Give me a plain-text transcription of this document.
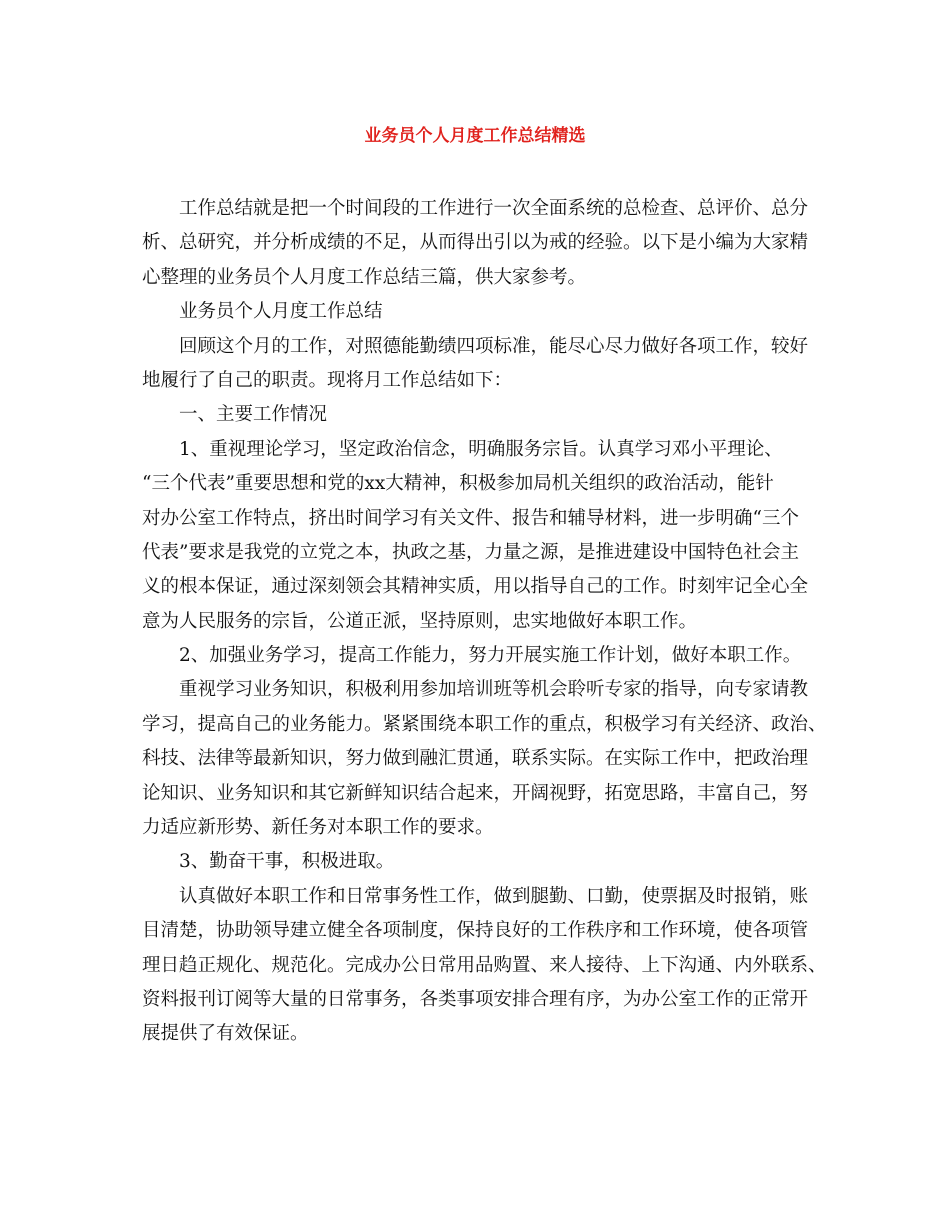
业务员个人月度工作总结精选
工作总结就是把一个时间段的工作进行一次全面系统的总检查、总评价、总分
析、总研究，并分析成绩的不足，从而得出引以为戒的经验。以下是小编为大家精
心整理的业务员个人月度工作总结三篇，供大家参考。
业务员个人月度工作总结
回顾这个月的工作，对照德能勤绩四项标准，能尽心尽力做好各项工作，较好
地履行了自己的职责。现将月工作总结如下：
一、主要工作情况
1、重视理论学习，坚定政治信念，明确服务宗旨。认真学习邓小平理论、
“三个代表”重要思想和党的xx大精神，积极参加局机关组织的政治活动，能针
对办公室工作特点，挤出时间学习有关文件、报告和辅导材料，进一步明确“三个
代表”要求是我党的立党之本，执政之基，力量之源，是推进建设中国特色社会主
义的根本保证，通过深刻领会其精神实质，用以指导自己的工作。时刻牢记全心全
意为人民服务的宗旨，公道正派，坚持原则，忠实地做好本职工作。
2、加强业务学习，提高工作能力，努力开展实施工作计划，做好本职工作。
重视学习业务知识，积极利用参加培训班等机会聆听专家的指导，向专家请教
学习，提高自己的业务能力。紧紧围绕本职工作的重点，积极学习有关经济、政治、
科技、法律等最新知识，努力做到融汇贯通，联系实际。在实际工作中，把政治理
论知识、业务知识和其它新鲜知识结合起来，开阔视野，拓宽思路，丰富自己，努
力适应新形势、新任务对本职工作的要求。
3、勤奋干事，积极进取。
认真做好本职工作和日常事务性工作，做到腿勤、口勤，使票据及时报销，账
目清楚，协助领导建立健全各项制度，保持良好的工作秩序和工作环境，使各项管
理日趋正规化、规范化。完成办公日常用品购置、来人接待、上下沟通、内外联系、
资料报刊订阅等大量的日常事务，各类事项安排合理有序，为办公室工作的正常开
展提供了有效保证。
